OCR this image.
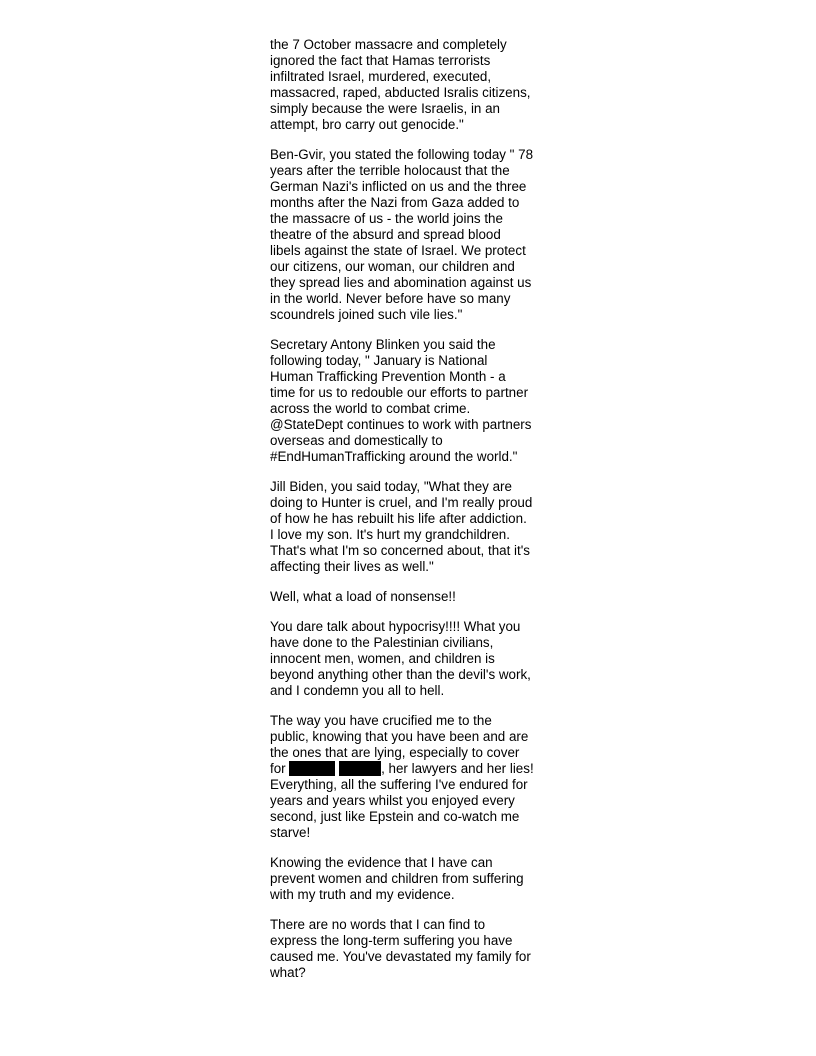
the 7 October massacre and completely
ignored the fact that Hamas terrorists
infiltrated Israel, murdered, executed,
massacred, raped, abducted Isralis citizens,
simply because the were Israelis, in an
attempt, bro carry out genocide."

Ben-Gvir, you stated the following today " 78
years after the terrible holocaust that the
German Nazi's inflicted on us and the three
months after the Nazi from Gaza added to
the massacre of us - the world joins the
theatre of the absurd and spread blood
libels against the state of Israel. We protect
our citizens, our woman, our children and
they spread lies and abomination against us
in the world. Never before have so many
scoundrels joined such vile lies."

Secretary Antony Blinken you said the
following today, " January is National
Human Trafficking Prevention Month - a
time for us to redouble our efforts to partner
across the world to combat crime.
@StateDept continues to work with partners
overseas and domestically to
#EndHumanTrafficking around the world."

Jill Biden, you said today, "What they are
doing to Hunter is cruel, and I'm really proud
of how he has rebuilt his life after addiction.
I love my son. It's hurt my grandchildren.
That's what I'm so concerned about, that it's
affecting their lives as well."

Well, what a load of nonsense!!

You dare talk about hypocrisy!!!! What you
have done to the Palestinian civilians,
innocent men, women, and children is
beyond anything other than the devil's work,
and I condemn you all to hell.

The way you have crucified me to the
public, knowing that you have been and are
the ones that are lying, especially to cover
for	, her lawyers and her lies!
Everything, all the suffering I've endured for
years and years whilst you enjoyed every
second, just like Epstein and co-watch me
starve!

Knowing the evidence that I have can
prevent women and children from suffering
with my truth and my evidence.

There are no words that I can find to
express the long-term suffering you have
caused me. You've devastated my family for
what?
